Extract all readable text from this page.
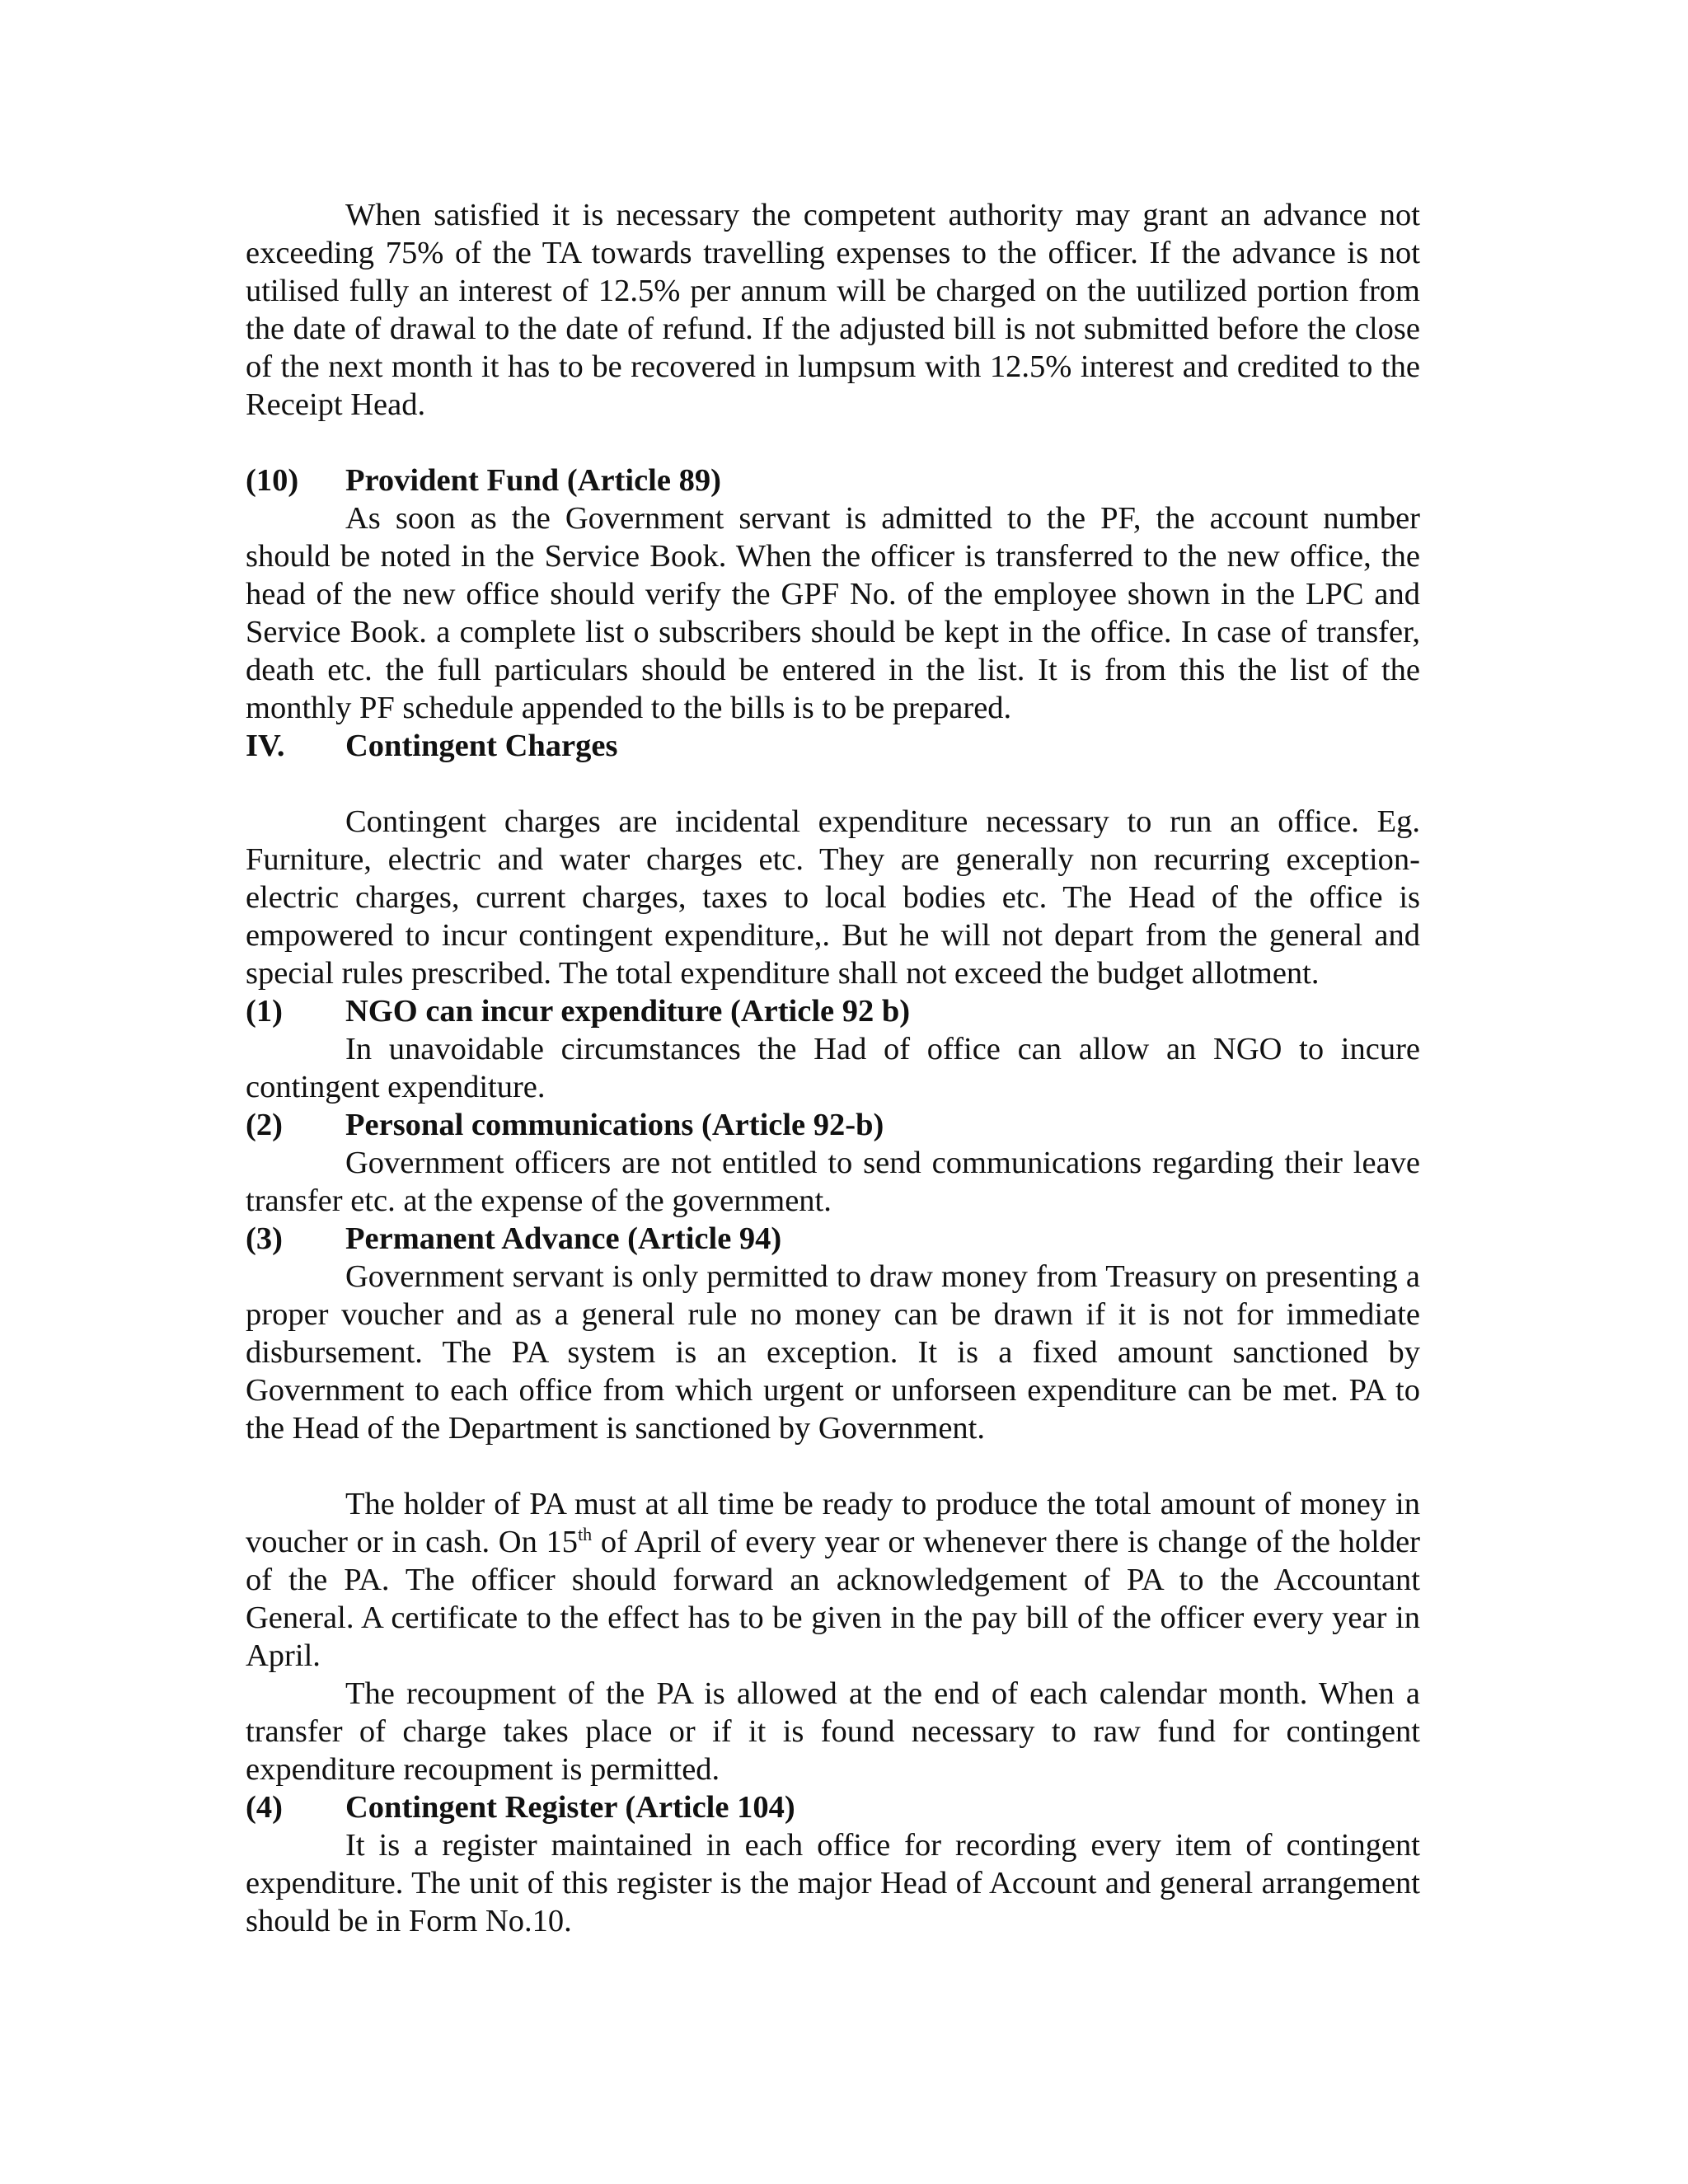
When satisfied it is necessary the competent authority may grant an advance not exceeding 75% of the TA towards travelling expenses to the officer. If the advance is not utilised fully an interest of 12.5% per annum will be charged on the uutilized portion from the date of drawal to the date of refund. If the adjusted bill is not submitted before the close of the next month it has to be recovered in lumpsum with 12.5% interest and credited to the Receipt Head.

(10)	Provident Fund (Article 89)

As soon as the Government servant is admitted to the PF, the account number should be noted in the Service Book. When the officer is transferred to the new office, the head of the new office should verify the GPF No. of the employee shown in the LPC and Service Book. a complete list o subscribers should be kept in the office. In case of transfer, death etc. the full particulars should be entered in the list. It is from this the list of the monthly PF schedule appended to the bills is to be prepared.

IV.	Contingent Charges

Contingent charges are incidental expenditure necessary to run an office. Eg. Furniture, electric and water charges etc. They are generally non recurring exception-electric charges, current charges, taxes to local bodies etc. The Head of the office is empowered to incur contingent expenditure,. But he will not depart from the general and special rules prescribed. The total expenditure shall not exceed the budget allotment.

(1)	NGO can incur expenditure (Article 92 b)

In unavoidable circumstances the Had of office can allow an NGO to incure contingent expenditure.

(2)	Personal communications (Article 92-b)

Government officers are not entitled to send communications regarding their leave transfer etc. at the expense of the government.

(3)	Permanent Advance (Article 94)

Government servant is only permitted to draw money from Treasury on presenting a proper voucher and as a general rule no money can be drawn if it is not for immediate disbursement. The PA system is an exception. It is a fixed amount sanctioned by Government to each office from which urgent or unforseen expenditure can be met. PA to the Head of the Department is sanctioned by Government.

The holder of PA must at all time be ready to produce the total amount of money in voucher or in cash. On 15th of April of every year or whenever there is change of the holder of the PA. The officer should forward an acknowledgement of PA to the Accountant General. A certificate to the effect has to be given in the pay bill of the officer every year in April.

The recoupment of the PA is allowed at the end of each calendar month. When a transfer of charge takes place or if it is found necessary to raw fund for contingent expenditure recoupment is permitted.

(4)	Contingent Register (Article 104)

It is a register maintained in each office for recording every item of contingent expenditure. The unit of this register is the major Head of Account and general arrangement should be in Form No.10.
